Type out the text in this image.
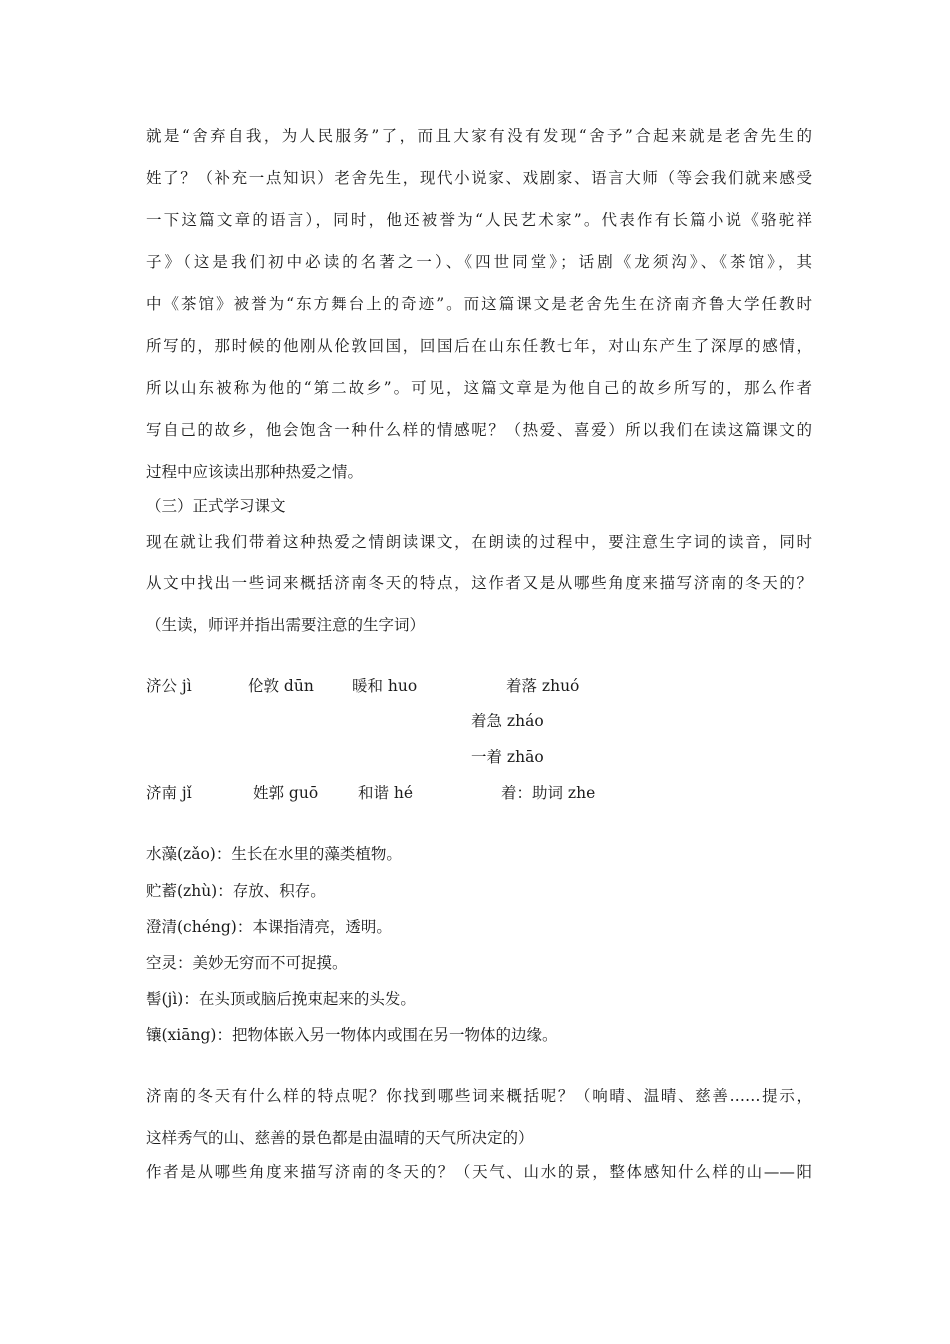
就是“舍弃自我，为人民服务”了，而且大家有没有发现“舍予”合起来就是老舍先生的
姓了？（补充一点知识）老舍先生，现代小说家、戏剧家、语言大师（等会我们就来感受
一下这篇文章的语言），同时，他还被誉为“人民艺术家”。代表作有长篇小说《骆驼祥
子》（这是我们初中必读的名著之一）、《四世同堂》；话剧《龙须沟》、《茶馆》，其
中《茶馆》被誉为“东方舞台上的奇迹”。而这篇课文是老舍先生在济南齐鲁大学任教时
所写的，那时候的他刚从伦敦回国，回国后在山东任教七年，对山东产生了深厚的感情，
所以山东被称为他的“第二故乡”。可见，这篇文章是为他自己的故乡所写的，那么作者
写自己的故乡，他会饱含一种什么样的情感呢？（热爱、喜爱）所以我们在读这篇课文的
过程中应该读出那种热爱之情。
（三）正式学习课文
现在就让我们带着这种热爱之情朗读课文，在朗读的过程中，要注意生字词的读音，同时
从文中找出一些词来概括济南冬天的特点，这作者又是从哪些角度来描写济南的冬天的？
（生读，师评并指出需要注意的生字词）
济公 jì	伦敦 dūn 暖和 huo	着落 zhuó
着急 zháo
一着 zhāo
济南 jǐ	姓郭 guō	和谐 hé	着：助词 zhe
水藻(zǎo)：生长在水里的藻类植物。
贮蓄(zhù)：存放、积存。
澄清(chéng)：本课指清亮，透明。
空灵：美妙无穷而不可捉摸。
髻(jì)：在头顶或脑后挽束起来的头发。
镶(xiāng)：把物体嵌入另一物体内或围在另一物体的边缘。
济南的冬天有什么样的特点呢？你找到哪些词来概括呢？（响晴、温晴、慈善……提示，
这样秀气的山、慈善的景色都是由温晴的天气所决定的）
作者是从哪些角度来描写济南的冬天的？（天气、山水的景，整体感知什么样的山——阳
